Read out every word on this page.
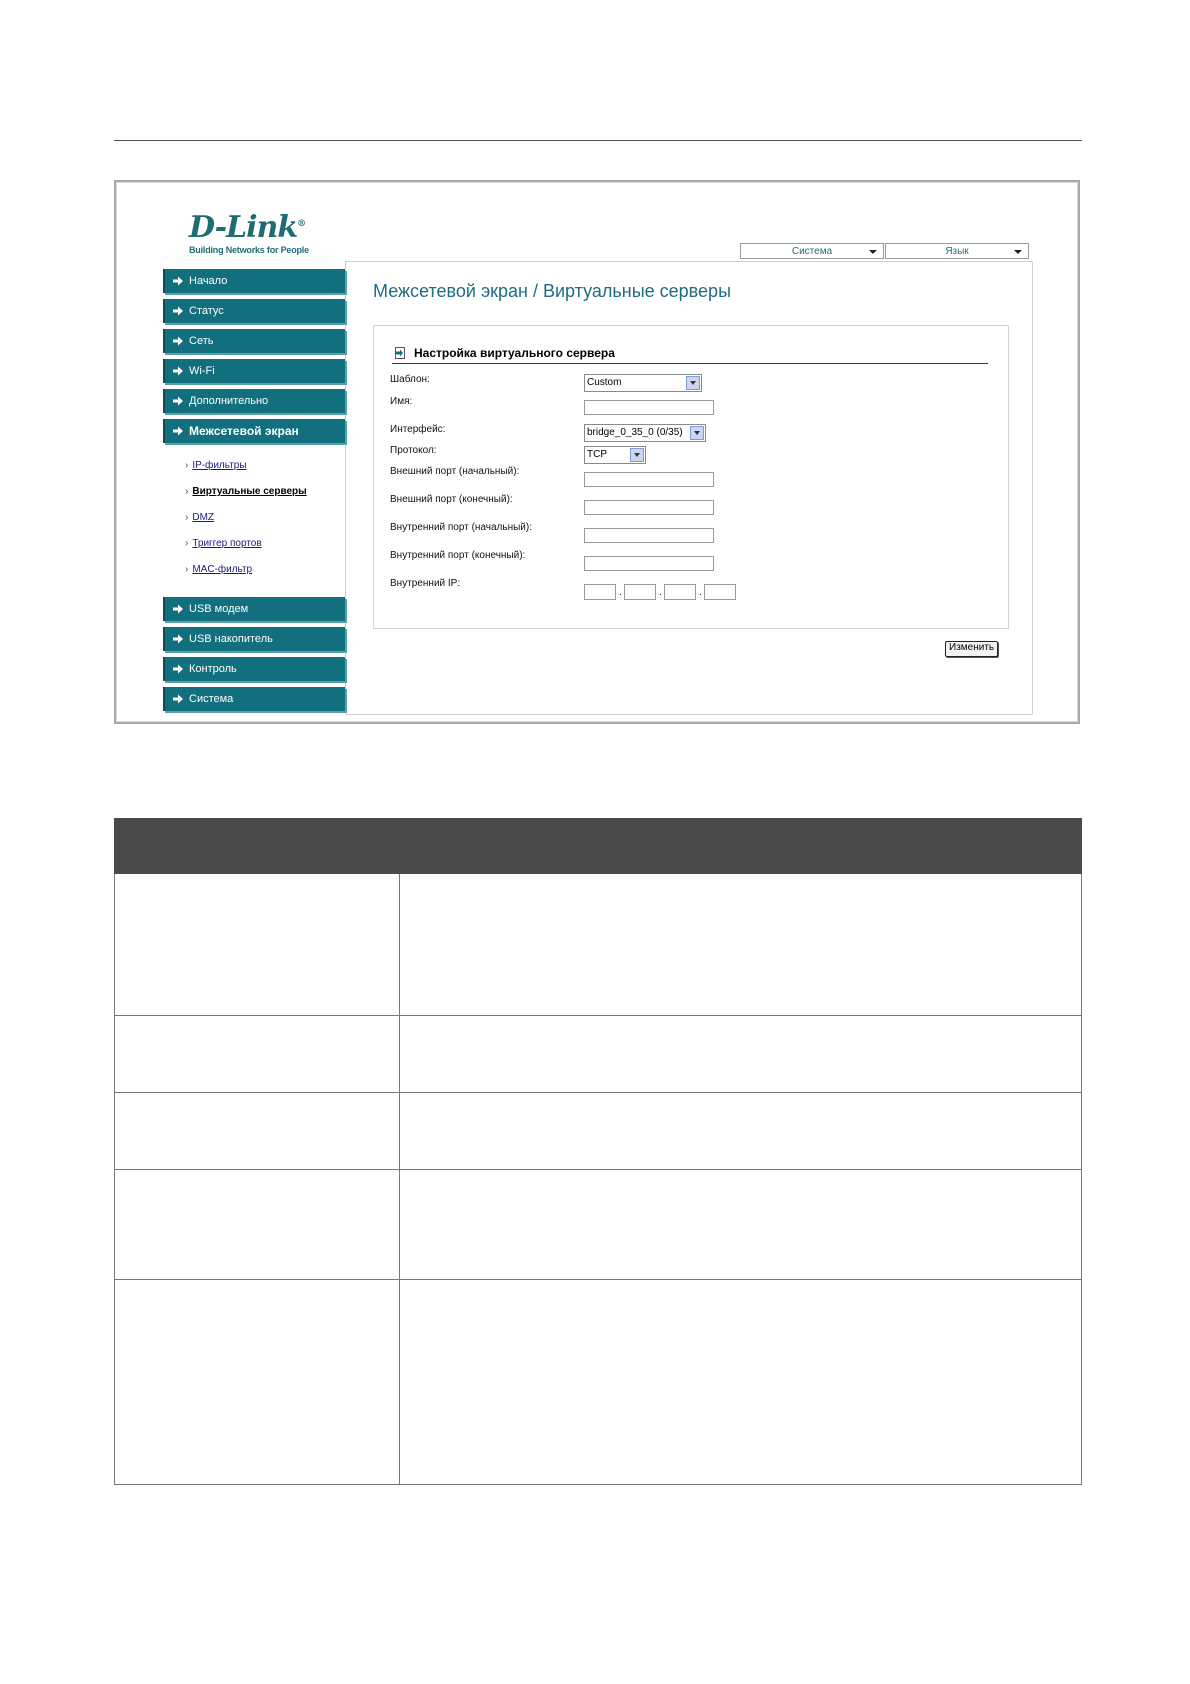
D-Link®
Building Networks for People	Система	Язык
Начало
Статус
Сеть
Wi-Fi
Дополнительно
Межсетевой экран
› IP-фильтры
› Виртуальные серверы
› DMZ
› Триггер портов
› MAC-фильтр
USB модем
USB накопитель
Контроль
Система
Межсетевой экран / Виртуальные серверы
Настройка виртуального сервера
Шаблон:	Custom
Имя:
Интерфейс:	bridge_0_35_0 (0/35)
Протокол:	TCP
Внешний порт (начальный):
Внешний порт (конечный):
Внутренний порт (начальный):
Внутренний порт (конечный):
Внутренний IP:
.	.	.
Изменить
